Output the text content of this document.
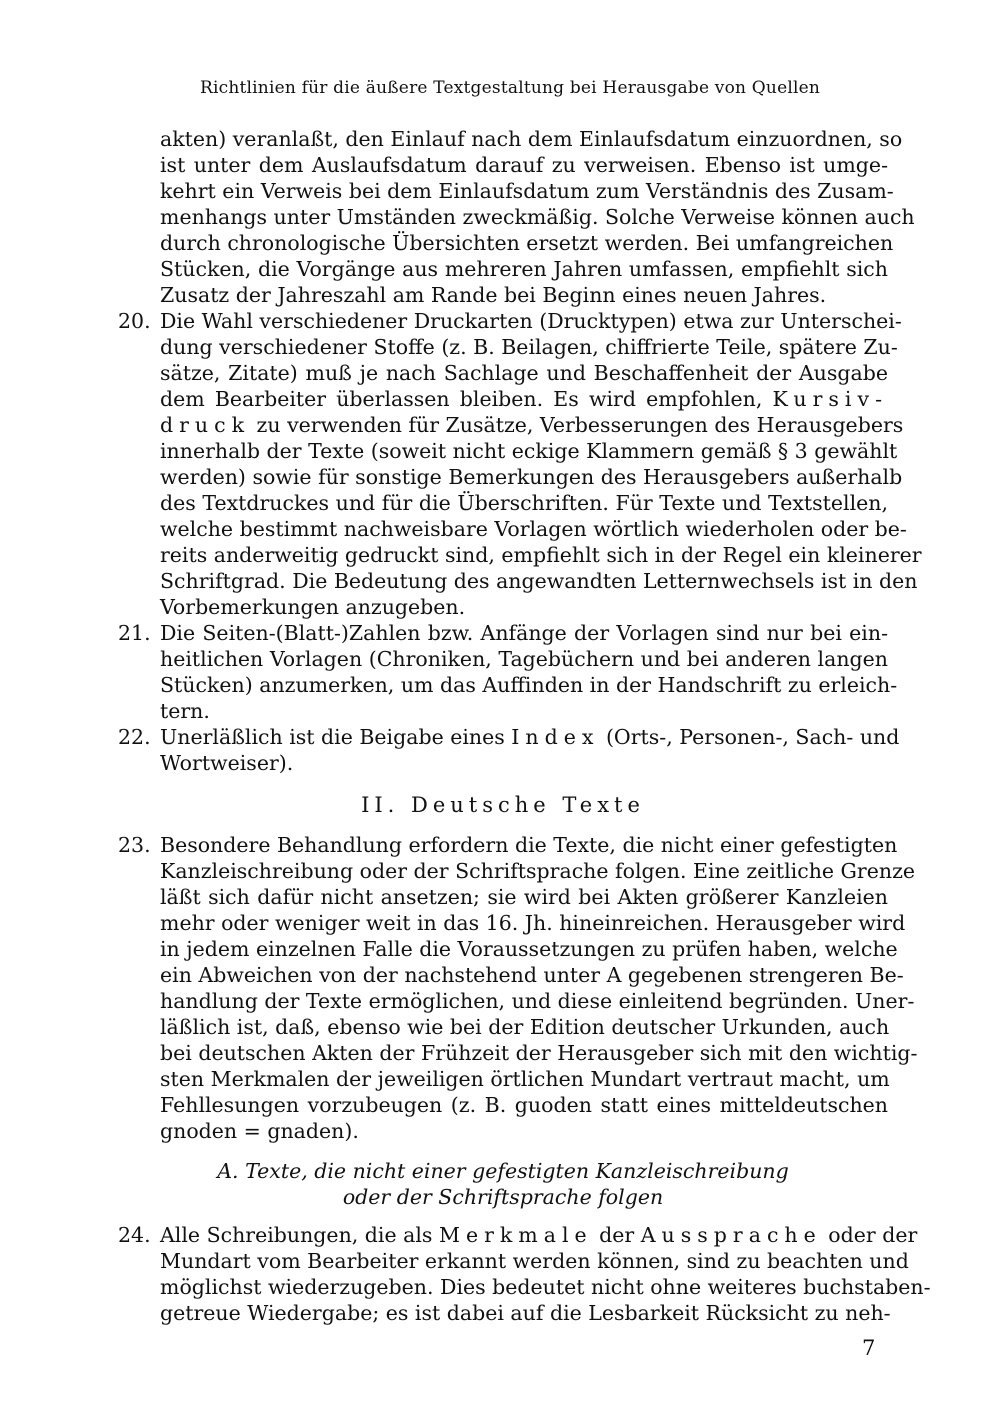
Richtlinien für die äußere Textgestaltung bei Herausgabe von Quellen
akten) veranlaßt, den Einlauf nach dem Einlaufsdatum einzuordnen, so
ist unter dem Auslaufsdatum darauf zu verweisen. Ebenso ist umge-
kehrt ein Verweis bei dem Einlaufsdatum zum Verständnis des Zusam-
menhangs unter Umständen zweckmäßig. Solche Verweise können auch
durch chronologische Übersichten ersetzt werden. Bei umfangreichen
Stücken, die Vorgänge aus mehreren Jahren umfassen, empfiehlt sich
Zusatz der Jahreszahl am Rande bei Beginn eines neuen Jahres.
20. Die Wahl verschiedener Druckarten (Drucktypen) etwa zur Unterschei-
dung verschiedener Stoffe (z. B. Beilagen, chiffrierte Teile, spätere Zu-
sätze, Zitate) muß je nach Sachlage und Beschaffenheit der Ausgabe
dem Bearbeiter überlassen bleiben. Es wird empfohlen, Kursiv-
druck zu verwenden für Zusätze, Verbesserungen des Herausgebers
innerhalb der Texte (soweit nicht eckige Klammern gemäß § 3 gewählt
werden) sowie für sonstige Bemerkungen des Herausgebers außerhalb
des Textdruckes und für die Überschriften. Für Texte und Textstellen,
welche bestimmt nachweisbare Vorlagen wörtlich wiederholen oder be-
reits anderweitig gedruckt sind, empfiehlt sich in der Regel ein kleinerer
Schriftgrad. Die Bedeutung des angewandten Letternwechsels ist in den
Vorbemerkungen anzugeben.
21. Die Seiten-(Blatt-)Zahlen bzw. Anfänge der Vorlagen sind nur bei ein-
heitlichen Vorlagen (Chroniken, Tagebüchern und bei anderen langen
Stücken) anzumerken, um das Auffinden in der Handschrift zu erleich-
tern.
22. Unerläßlich ist die Beigabe eines Index (Orts-, Personen-, Sach- und
Wortweiser).
II. Deutsche Texte
23. Besondere Behandlung erfordern die Texte, die nicht einer gefestigten
Kanzleischreibung oder der Schriftsprache folgen. Eine zeitliche Grenze
läßt sich dafür nicht ansetzen; sie wird bei Akten größerer Kanzleien
mehr oder weniger weit in das 16. Jh. hineinreichen. Herausgeber wird
in jedem einzelnen Falle die Voraussetzungen zu prüfen haben, welche
ein Abweichen von der nachstehend unter A gegebenen strengeren Be-
handlung der Texte ermöglichen, und diese einleitend begründen. Uner-
läßlich ist, daß, ebenso wie bei der Edition deutscher Urkunden, auch
bei deutschen Akten der Frühzeit der Herausgeber sich mit den wichtig-
sten Merkmalen der jeweiligen örtlichen Mundart vertraut macht, um
Fehllesungen vorzubeugen (z. B. guoden statt eines mitteldeutschen
gnoden = gnaden).
A. Texte, die nicht einer gefestigten Kanzleischreibung
oder der Schriftsprache folgen
24. Alle Schreibungen, die als Merkmale der Aussprache oder der
Mundart vom Bearbeiter erkannt werden können, sind zu beachten und
möglichst wiederzugeben. Dies bedeutet nicht ohne weiteres buchstaben-
getreue Wiedergabe; es ist dabei auf die Lesbarkeit Rücksicht zu neh-
7
